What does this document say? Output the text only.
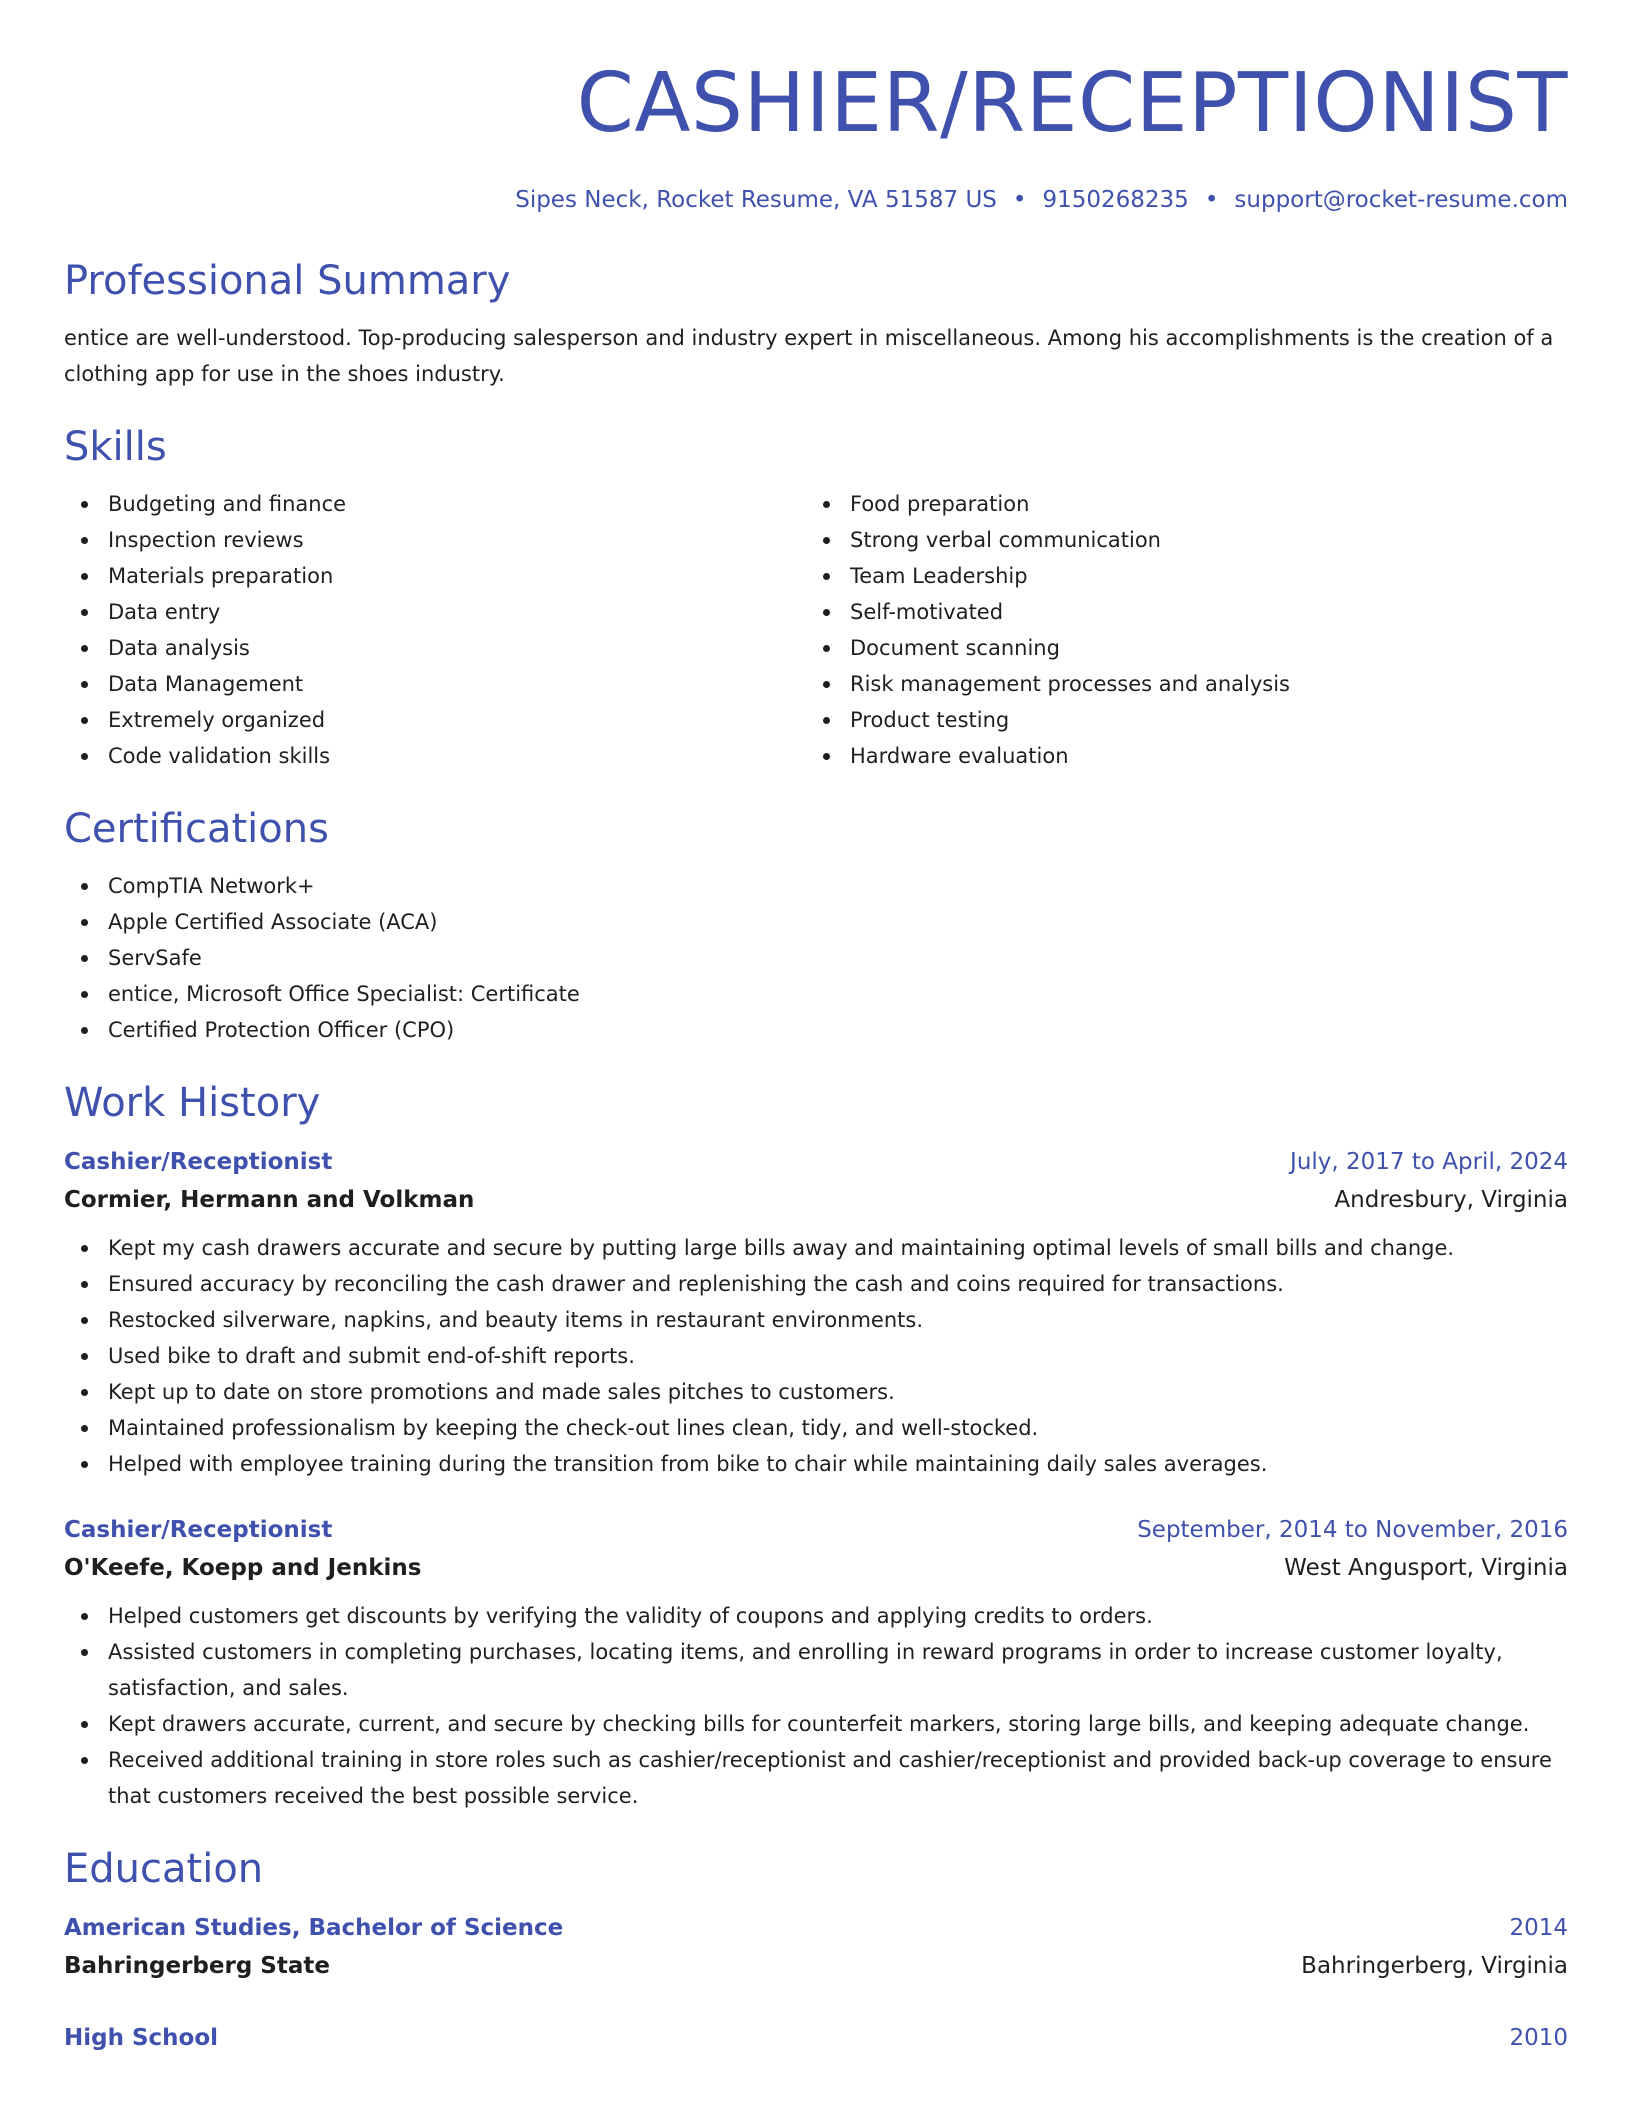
CASHIER/RECEPTIONIST
Sipes Neck, Rocket Resume, VA 51587 US • 9150268235 • support@rocket-resume.com
Professional Summary
entice are well-understood. Top-producing salesperson and industry expert in miscellaneous. Among his accomplishments is the creation of a clothing app for use in the shoes industry.
Skills
Budgeting and finance
Inspection reviews
Materials preparation
Data entry
Data analysis
Data Management
Extremely organized
Code validation skills
Food preparation
Strong verbal communication
Team Leadership
Self-motivated
Document scanning
Risk management processes and analysis
Product testing
Hardware evaluation
Certifications
CompTIA Network+
Apple Certified Associate (ACA)
ServSafe
entice, Microsoft Office Specialist: Certificate
Certified Protection Officer (CPO)
Work History
Cashier/Receptionist	July, 2017 to April, 2024
Cormier, Hermann and Volkman	Andresbury, Virginia
Kept my cash drawers accurate and secure by putting large bills away and maintaining optimal levels of small bills and change.
Ensured accuracy by reconciling the cash drawer and replenishing the cash and coins required for transactions.
Restocked silverware, napkins, and beauty items in restaurant environments.
Used bike to draft and submit end-of-shift reports.
Kept up to date on store promotions and made sales pitches to customers.
Maintained professionalism by keeping the check-out lines clean, tidy, and well-stocked.
Helped with employee training during the transition from bike to chair while maintaining daily sales averages.
Cashier/Receptionist	September, 2014 to November, 2016
O'Keefe, Koepp and Jenkins	West Angusport, Virginia
Helped customers get discounts by verifying the validity of coupons and applying credits to orders.
Assisted customers in completing purchases, locating items, and enrolling in reward programs in order to increase customer loyalty, satisfaction, and sales.
Kept drawers accurate, current, and secure by checking bills for counterfeit markers, storing large bills, and keeping adequate change.
Received additional training in store roles such as cashier/receptionist and cashier/receptionist and provided back-up coverage to ensure that customers received the best possible service.
Education
American Studies, Bachelor of Science	2014
Bahringerberg State	Bahringerberg, Virginia
High School	2010
